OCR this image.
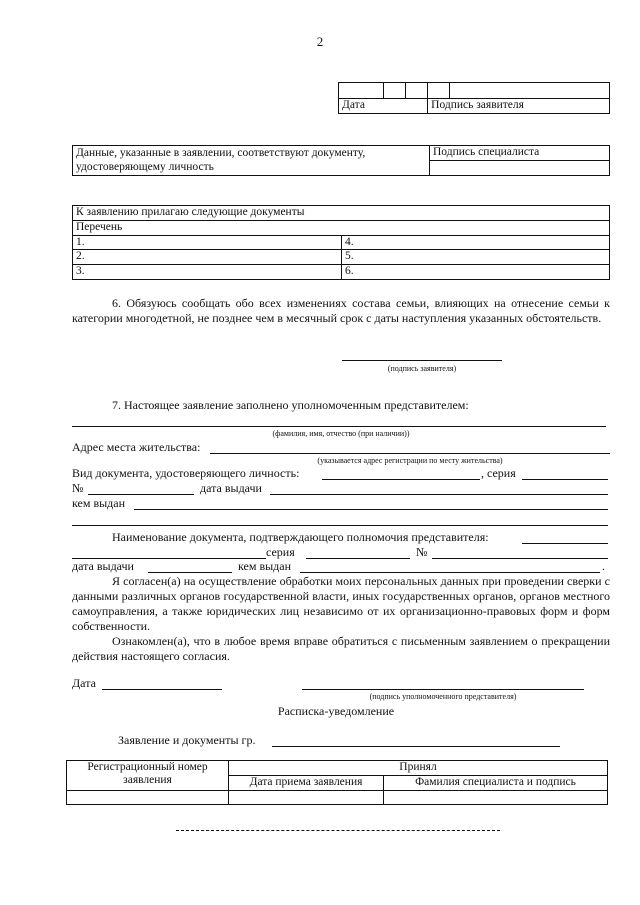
2

Дата			Подпись заявителя	
Данные, указанные в заявлении, соответствуют документу, удостоверяющему личность	Подпись специалиста

К заявлению прилагаю следующие документы	
Перечень	
1.	4.
2.	5.
3.	6.
6. Обязуюсь сообщать обо всех изменениях состава семьи, влияющих на отнесение семьи к категории многодетной, не позднее чем в месячный срок с даты наступления указанных обстоятельств.
(подпись заявителя)
7. Настоящее заявление заполнено уполномоченным представителем:
(фамилия, имя, отчество (при наличии))
Адрес места жительства:
(указывается адрес регистрации по месту жительства)
Вид документа, удостоверяющего личность:	, серия
№	дата выдачи
кем выдан
Наименование документа, подтверждающего полномочия представителя:
серия	№
дата выдачи	кем выдан	.
Я согласен(а) на осуществление обработки моих персональных данных при проведении сверки с данными различных органов государственной власти, иных государственных органов, органов местного самоуправления, а также юридических лиц независимо от их организационно-правовых форм и форм собственности.
Ознакомлен(а), что в любое время вправе обратиться с письменным заявлением о прекращении действия настоящего согласия.
Дата
(подпись уполномоченного представителя)
Расписка-уведомление
Заявление и документы гр.
Регистрационный номер заявления	Принял	
	Дата приема заявления	Фамилия специалиста и подпись
